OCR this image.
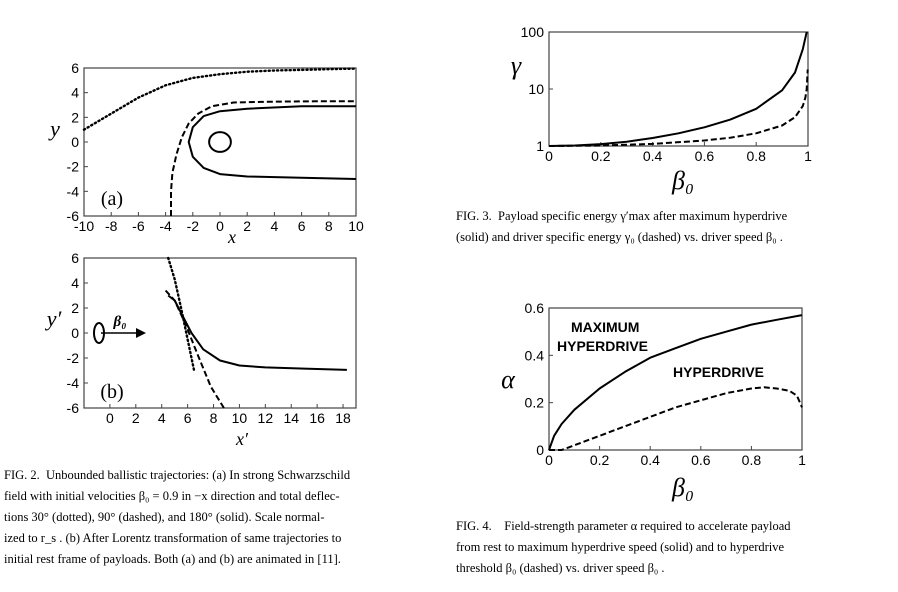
-10 -8 -6 -4 -2 0 2 4 6 8 10
-6
-4
-2
0
2
4
6
(a)
y
x
0 2 4 6 8 10 12 14 16 18
-6
-4
-2
0
2
4
6
(b)
y′
x′
β₀
0	0.2 0.4 0.6 0.8	1
1
10
100
γ
β₀
0	0.2 0.4 0.6 0.8	1
0
0.2
0.4
0.6
α
β₀
MAXIMUM
HYPERDRIVE
HYPERDRIVE
FIG. 2. Unbounded ballistic trajectories: (a) In strong Schwarzschild
field with initial velocities β₀ = 0.9 in −x direction and total deflec-
tions 30° (dotted), 90° (dashed), and 180° (solid). Scale normal-
ized to r_s . (b) After Lorentz transformation of same trajectories to
initial rest frame of payloads. Both (a) and (b) are animated in [11].
FIG. 3. Payload specific energy γ′max after maximum hyperdrive
(solid) and driver specific energy γ₀ (dashed) vs. driver speed β₀ .
FIG. 4. Field-strength parameter α required to accelerate payload
from rest to maximum hyperdrive speed (solid) and to hyperdrive
threshold β₀ (dashed) vs. driver speed β₀ .
